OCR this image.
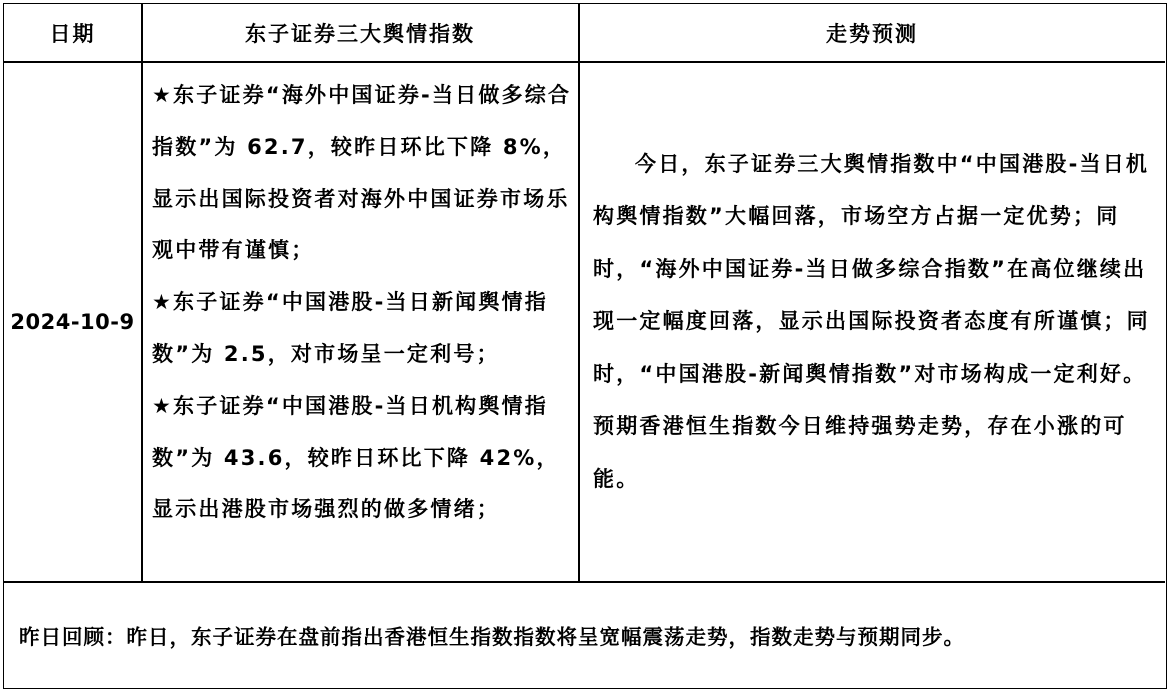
日期	东子证券三大舆情指数	走势预测
2024-10-9

★东子证券“海外中国证券-当日做多综合指数”为 62.7，较昨日环比下降 8%，显示出国际投资者对海外中国证券市场乐观中带有谨慎；

★东子证券“中国港股-当日新闻舆情指数”为 2.5，对市场呈一定利号；

★东子证券“中国港股-当日机构舆情指数”为 43.6，较昨日环比下降 42%，显示出港股市场强烈的做多情绪；

今日，东子证券三大舆情指数中“中国港股-当日机构舆情指数”大幅回落，市场空方占据一定优势；同时，“海外中国证券-当日做多综合指数”在高位继续出现一定幅度回落，显示出国际投资者态度有所谨慎；同时，“中国港股-新闻舆情指数”对市场构成一定利好。预期香港恒生指数今日维持强势走势，存在小涨的可能。

昨日回顾：昨日，东子证券在盘前指出香港恒生指数指数将呈宽幅震荡走势，指数走势与预期同步。
